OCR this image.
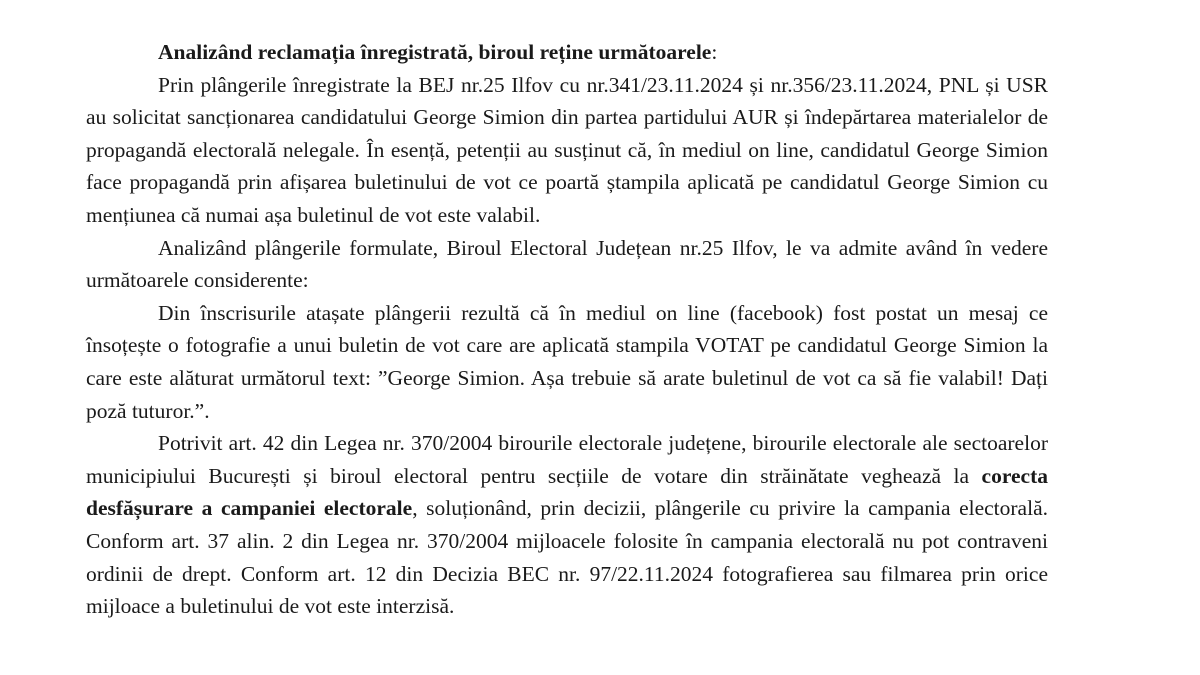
Analizând reclamația înregistrată, biroul reține următoarele:

Prin plângerile înregistrate la BEJ nr.25 Ilfov cu nr.341/23.11.2024 și nr.356/23.11.2024, PNL și USR au solicitat sancționarea candidatului George Simion din partea partidului AUR și îndepărtarea materialelor de propagandă electorală nelegale. În esență, petenții au susținut că, în mediul on line, candidatul George Simion face propagandă prin afișarea buletinului de vot ce poartă ștampila aplicată pe candidatul George Simion cu mențiunea că numai așa buletinul de vot este valabil.

Analizând plângerile formulate, Biroul Electoral Județean nr.25 Ilfov, le va admite având în vedere următoarele considerente:

Din înscrisurile atașate plângerii rezultă că în mediul on line (facebook) fost postat un mesaj ce însoțește o fotografie a unui buletin de vot care are aplicată stampila VOTAT pe candidatul George Simion la care este alăturat următorul text: ”George Simion. Așa trebuie să arate buletinul de vot ca să fie valabil! Dați poză tuturor.”.

Potrivit art. 42 din Legea nr. 370/2004 birourile electorale județene, birourile electorale ale sectoarelor municipiului București și biroul electoral pentru secțiile de votare din străinătate veghează la corecta desfășurare a campaniei electorale, soluționând, prin decizii, plângerile cu privire la campania electorală. Conform art. 37 alin. 2 din Legea nr. 370/2004 mijloacele folosite în campania electorală nu pot contraveni ordinii de drept. Conform art. 12 din Decizia BEC nr. 97/22.11.2024 fotografierea sau filmarea prin orice mijloace a buletinului de vot este interzisă.
